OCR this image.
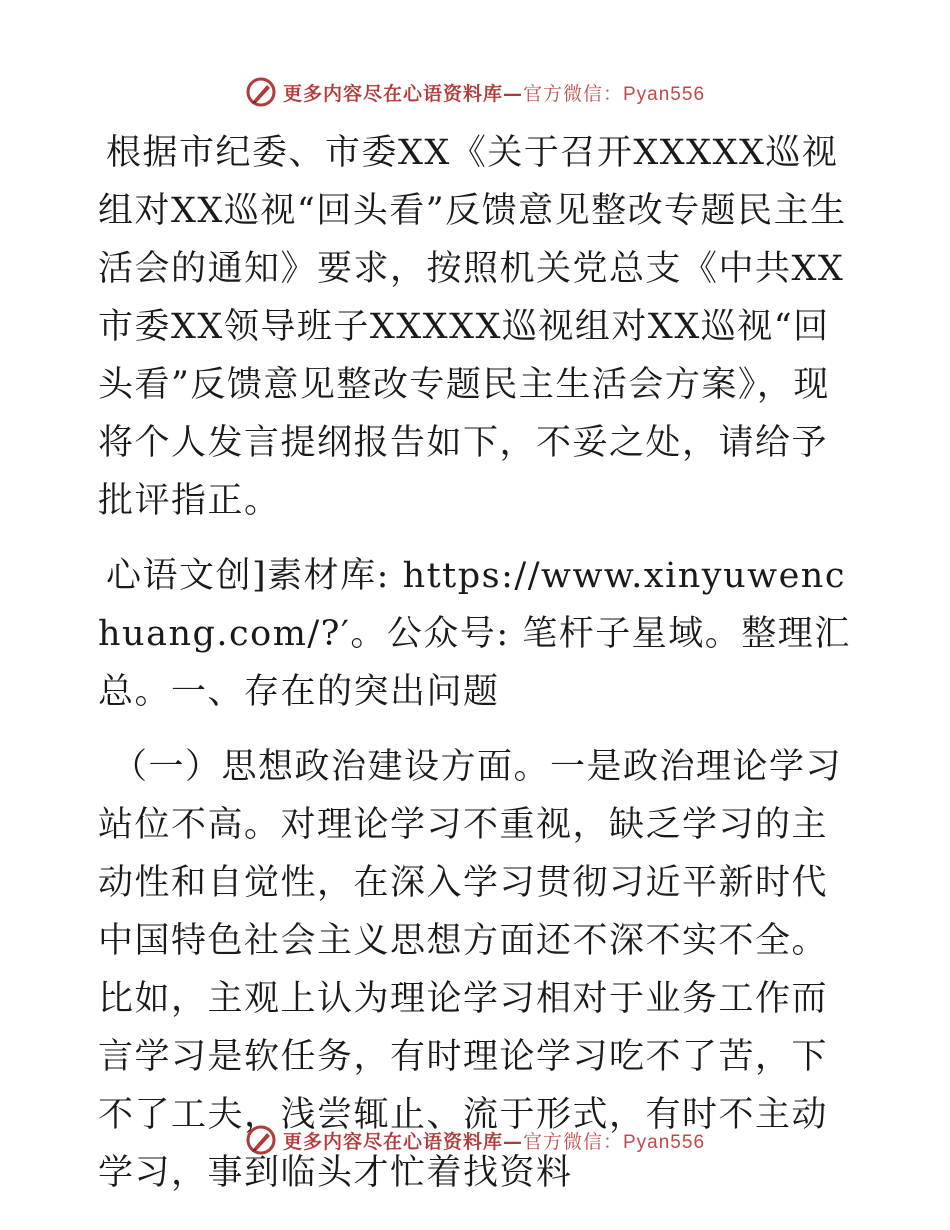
更多内容尽在心语资料库—官方微信：Pyan556

根据市纪委、市委XX《关于召开XXXXX巡视组对XX巡视“回头看”反馈意见整改专题民主生活会的通知》要求，按照机关党总支《中共XX市委XX领导班子XXXXX巡视组对XX巡视“回头看”反馈意见整改专题民主生活会方案》，现将个人发言提纲报告如下，不妥之处，请给予批评指正。

心语文创]素材库: https://www.xinyuwenchuang.com/?′。公众号: 笔杆子星域。整理汇总。一、存在的突出问题

（一）思想政治建设方面。一是政治理论学习站位不高。对理论学习不重视，缺乏学习的主动性和自觉性，在深入学习贯彻习近平新时代中国特色社会主义思想方面还不深不实不全。比如，主观上认为理论学习相对于业务工作而言学习是软任务，有时理论学习吃不了苦，下不了工夫，浅尝辄止、流于形式，有时不主动学习，事到临头才忙着找资料

更多内容尽在心语资料库—官方微信：Pyan556
